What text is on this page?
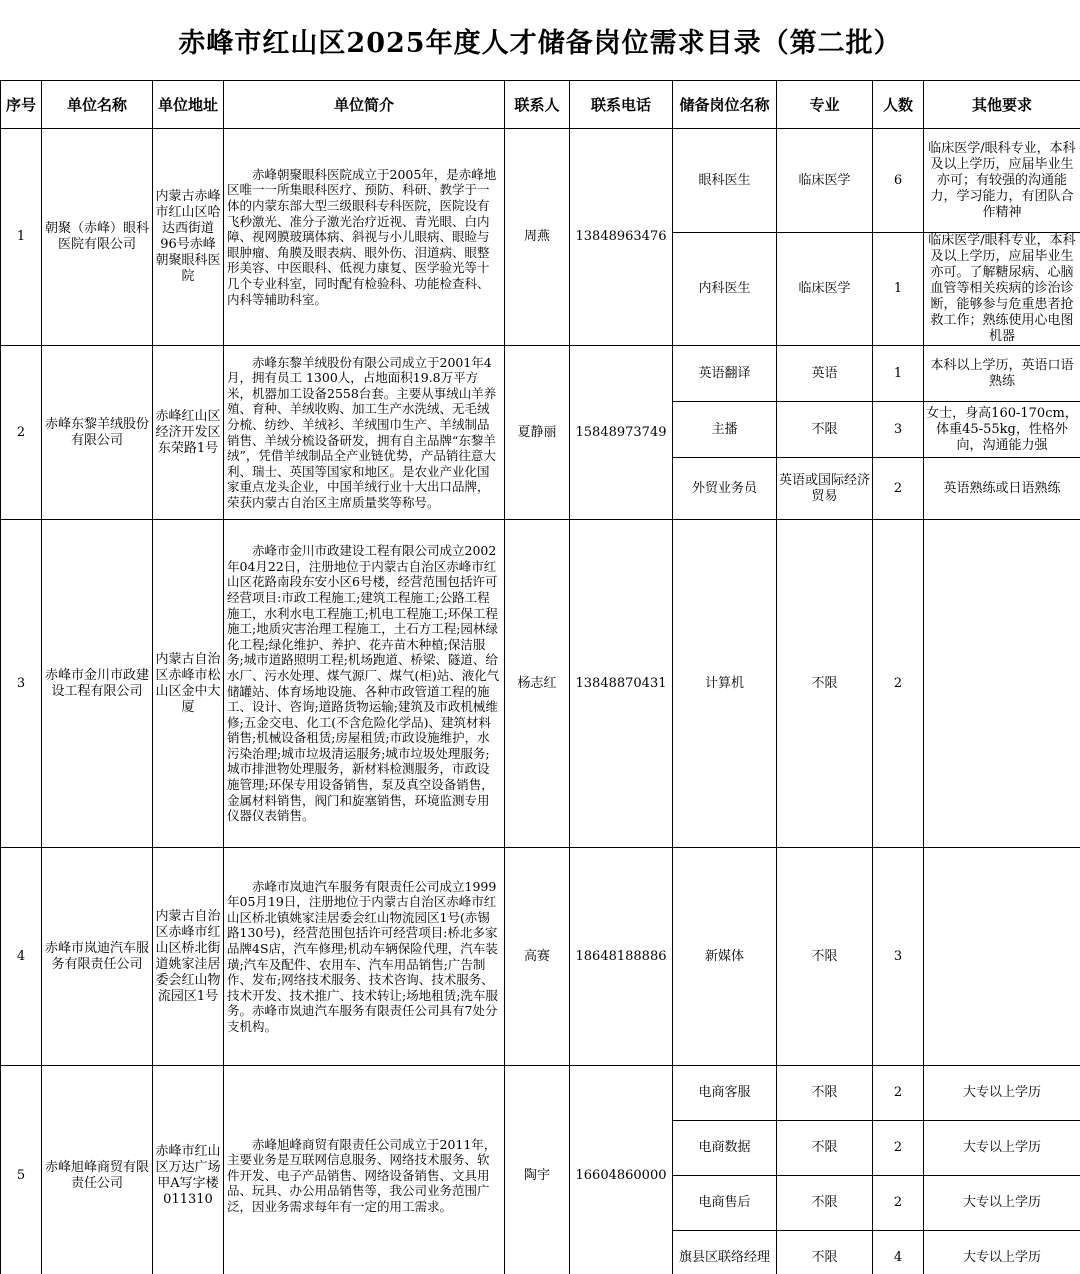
赤峰市红山区2025年度人才储备岗位需求目录（第二批）
序号	单位名称	单位地址	单位简介	联系人	联系电话	储备岗位名称	专业	人数	其他要求
1	朝聚（赤峰）眼科医院有限公司	内蒙古赤峰市红山区哈达西街道96号赤峰朝聚眼科医院	　　赤峰朝聚眼科医院成立于2005年，是赤峰地区唯一一所集眼科医疗、预防、科研、教学于一体的内蒙东部大型三级眼科专科医院，医院设有飞秒激光、准分子激光治疗近视、青光眼、白内障、视网膜玻璃体病、斜视与小儿眼病、眼睑与眼肿瘤、角膜及眼表病、眼外伤、泪道病、眼整形美容、中医眼科、低视力康复、医学验光等十几个专业科室，同时配有检验科、功能检查科、内科等辅助科室。	周燕	13848963476	眼科医生	临床医学	6	临床医学/眼科专业，本科及以上学历，应届毕业生亦可；有较强的沟通能力，学习能力，有团队合作精神
						内科医生	临床医学	1	临床医学/眼科专业，本科及以上学历，应届毕业生亦可。了解糖尿病、心脑血管等相关疾病的诊治诊断，能够参与危重患者抢救工作；熟练使用心电图机器
2	赤峰东黎羊绒股份有限公司	赤峰红山区经济开发区东荣路1号	　　赤峰东黎羊绒股份有限公司成立于2001年4月，拥有员工 1300人，占地面积19.8万平方米，机器加工设备2558台套。主要从事绒山羊养殖、育种、羊绒收购、加工生产水洗绒、无毛绒分梳、纺纱、羊绒衫、羊绒围巾生产、羊绒制品销售、羊绒分梳设备研发，拥有自主品牌“东黎羊绒”，凭借羊绒制品全产业链优势，产品销往意大利、瑞士、英国等国家和地区。是农业产业化国家重点龙头企业，中国羊绒行业十大出口品牌，荣获内蒙古自治区主席质量奖等称号。	夏静丽	15848973749	英语翻译	英语	1	本科以上学历，英语口语熟练
						主播	不限	3	女士，身高160-170cm，体重45-55kg，性格外向，沟通能力强
						外贸业务员	英语或国际经济贸易	2	英语熟练或日语熟练
3	赤峰市金川市政建设工程有限公司	内蒙古自治区赤峰市松山区金中大厦	　　赤峰市金川市政建设工程有限公司成立2002年04月22日，注册地位于内蒙古自治区赤峰市红山区花路南段东安小区6号楼，经营范围包括许可经营项目:市政工程施工;建筑工程施工;公路工程施工，水利水电工程施工;机电工程施工;环保工程施工;地质灾害治理工程施工，土石方工程;园林绿化工程;绿化维护、养护、花卉苗木种植;保洁服务;城市道路照明工程;机场跑道、桥梁、隧道、给水厂、污水处理、煤气源厂、煤气(柜)站、液化气储罐站、体育场地设施、各种市政管道工程的施工、设计、咨询;道路货物运输;建筑及市政机械维修;五金交电、化工(不含危险化学品)、建筑材料销售;机械设备租赁;房屋租赁;市政设施维护，水污染治理;城市垃圾清运服务;城市垃圾处理服务;城市排泄物处理服务，新材料检测服务，市政设施管理;环保专用设备销售，泵及真空设备销售，金属材料销售，阀门和旋塞销售，环境监测专用仪器仪表销售。	杨志红	13848870431	计算机	不限	2	
4	赤峰市岚迪汽车服务有限责任公司	内蒙古自治区赤峰市红山区桥北街道姚家洼居委会红山物流园区1号	　　赤峰市岚迪汽车服务有限责任公司成立1999年05月19日，注册地位于内蒙古自治区赤峰市红山区桥北镇姚家洼居委会红山物流园区1号(赤锡路130号)，经营范围包括许可经营项目:桥北多家品牌4S店，汽车修理;机动车辆保险代理，汽车装璜;汽车及配件、农用车、汽车用品销售;广告制作、发布;网络技术服务、技术咨询、技术服务、技术开发、技术推广、技术转让;场地租赁;洗车服务。赤峰市岚迪汽车服务有限责任公司具有7处分支机构。	高赛	18648188886	新媒体	不限	3	
5	赤峰旭峰商贸有限责任公司	赤峰市红山区万达广场甲A写字楼011310	　　赤峰旭峰商贸有限责任公司成立于2011年，主要业务是互联网信息服务、网络技术服务、软件开发、电子产品销售、网络设备销售、文具用品、玩具、办公用品销售等，我公司业务范围广泛，因业务需求每年有一定的用工需求。	陶宇	16604860000	电商客服	不限	2	大专以上学历
						电商数据	不限	2	大专以上学历
						电商售后	不限	2	大专以上学历
						旗县区联络经理	不限	4	大专以上学历
